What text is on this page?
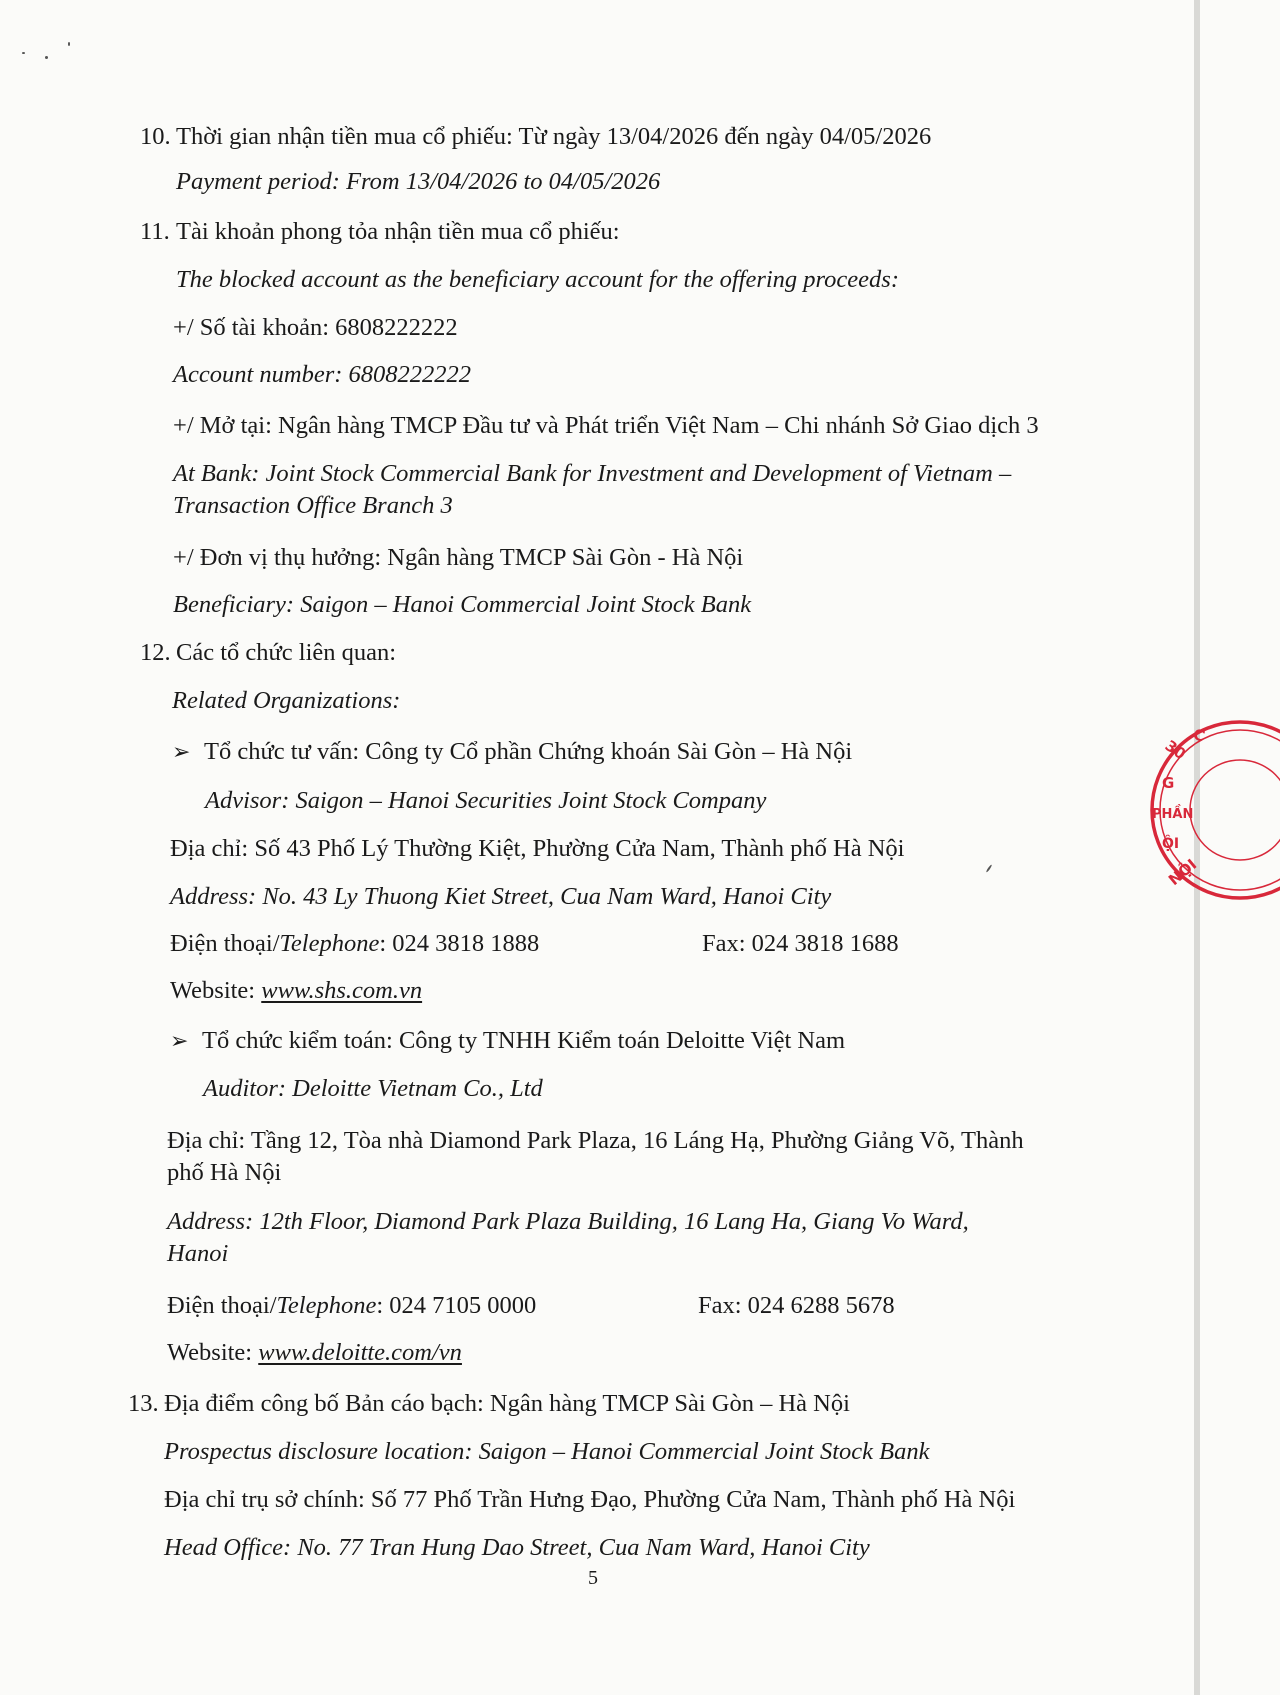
10. Thời gian nhận tiền mua cổ phiếu: Từ ngày 13/04/2026 đến ngày 04/05/2026
Payment period: From 13/04/2026 to 04/05/2026
11. Tài khoản phong tỏa nhận tiền mua cổ phiếu:
The blocked account as the beneficiary account for the offering proceeds:
+/ Số tài khoản: 6808222222
Account number: 6808222222
+/ Mở tại: Ngân hàng TMCP Đầu tư và Phát triển Việt Nam – Chi nhánh Sở Giao dịch 3
At Bank: Joint Stock Commercial Bank for Investment and Development of Vietnam –
Transaction Office Branch 3
+/ Đơn vị thụ hưởng: Ngân hàng TMCP Sài Gòn - Hà Nội
Beneficiary: Saigon – Hanoi Commercial Joint Stock Bank
12. Các tổ chức liên quan:
Related Organizations:
➢ Tổ chức tư vấn: Công ty Cổ phần Chứng khoán Sài Gòn – Hà Nội
Advisor: Saigon – Hanoi Securities Joint Stock Company
Địa chỉ: Số 43 Phố Lý Thường Kiệt, Phường Cửa Nam, Thành phố Hà Nội
Address: No. 43 Ly Thuong Kiet Street, Cua Nam Ward, Hanoi City
Điện thoại/Telephone: 024 3818 1888	Fax: 024 3818 1688
Website: www.shs.com.vn
➢ Tổ chức kiểm toán: Công ty TNHH Kiểm toán Deloitte Việt Nam
Auditor: Deloitte Vietnam Co., Ltd
Địa chỉ: Tầng 12, Tòa nhà Diamond Park Plaza, 16 Láng Hạ, Phường Giảng Võ, Thành
phố Hà Nội
Address: 12th Floor, Diamond Park Plaza Building, 16 Lang Ha, Giang Vo Ward,
Hanoi
Điện thoại/Telephone: 024 7105 0000	Fax: 024 6288 5678
Website: www.deloitte.com/vn
13. Địa điểm công bố Bản cáo bạch: Ngân hàng TMCP Sài Gòn – Hà Nội
Prospectus disclosure location: Saigon – Hanoi Commercial Joint Stock Bank
Địa chỉ trụ sở chính: Số 77 Phố Trần Hưng Đạo, Phường Cửa Nam, Thành phố Hà Nội
Head Office: No. 77 Tran Hung Dao Street, Cua Nam Ward, Hanoi City
5
30
C
G
PHẦN
ỘI
NỘI
